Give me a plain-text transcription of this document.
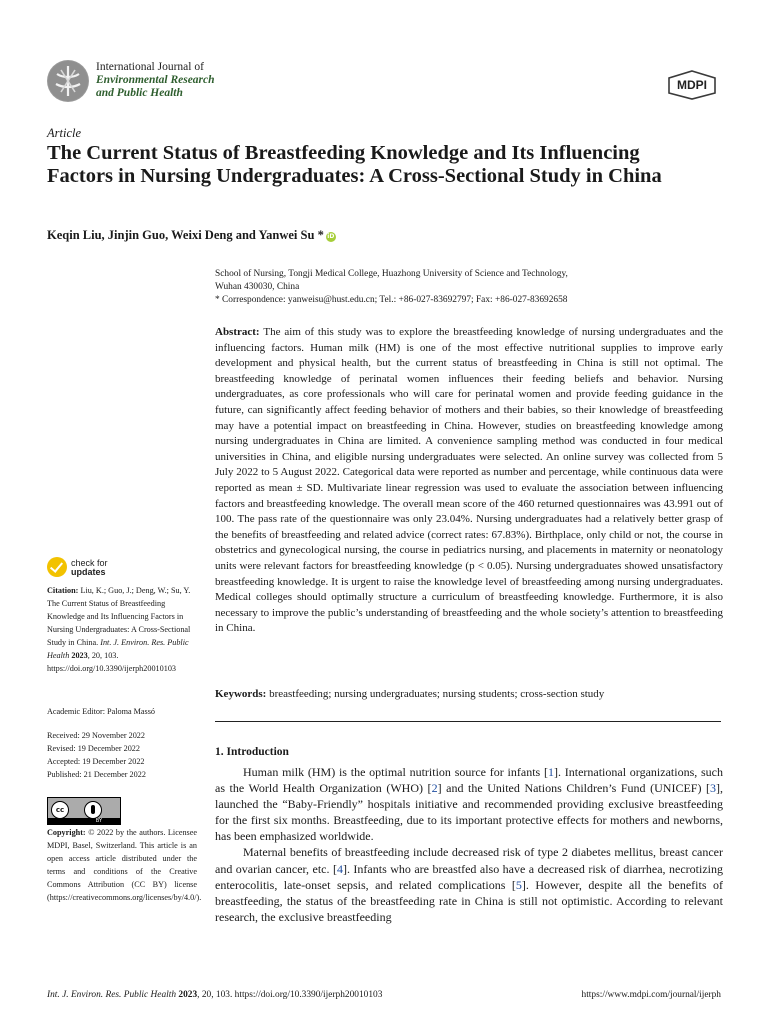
International Journal of
Environmental Research
and Public Health
MDPI
Article
The Current Status of Breastfeeding Knowledge and Its Influencing Factors in Nursing Undergraduates: A Cross-Sectional Study in China
Keqin Liu, Jinjin Guo, Weixi Deng and Yanwei Su * iD
School of Nursing, Tongji Medical College, Huazhong University of Science and Technology,
Wuhan 430030, China
* Correspondence: yanweisu@hust.edu.cn; Tel.: +86-027-83692797; Fax: +86-027-83692658
Abstract: The aim of this study was to explore the breastfeeding knowledge of nursing undergraduates and the influencing factors. Human milk (HM) is one of the most effective nutritional supplies to improve early development and physical health, but the current status of breastfeeding in China is still not optimal. The breastfeeding knowledge of perinatal women influences their feeding beliefs and behavior. Nursing undergraduates, as core professionals who will care for perinatal women and provide feeding guidance in the future, can significantly affect feeding behavior of mothers and their babies, so their knowledge of breastfeeding may have a potential impact on breastfeeding in China. However, studies on breastfeeding knowledge among nursing undergraduates in China are limited. A convenience sampling method was conducted in four medical universities in China, and eligible nursing undergraduates were selected. An online survey was collected from 5 July 2022 to 5 August 2022. Categorical data were reported as number and percentage, while continuous data were reported as mean ± SD. Multivariate linear regression was used to evaluate the association between influencing factors and breastfeeding knowledge. The overall mean score of the 460 returned questionnaires was 43.991 out of 100. The pass rate of the questionnaire was only 23.04%. Nursing undergraduates had a relatively better grasp of the benefits of breastfeeding and related advice (correct rates: 67.83%). Birthplace, only child or not, the course in obstetrics and gynecological nursing, the course in pediatrics nursing, and placements in maternity or neonatology units were relevant factors for breastfeeding knowledge (p < 0.05). Nursing undergraduates showed unsatisfactory breastfeeding knowledge. It is urgent to raise the knowledge level of breastfeeding among nursing undergraduates. Medical colleges should optimally structure a curriculum of breastfeeding knowledge. Furthermore, it is also necessary to improve the public’s understanding of breastfeeding and the whole society’s attention to breastfeeding in China.
Keywords: breastfeeding; nursing undergraduates; nursing students; cross-section study
1. Introduction

Human milk (HM) is the optimal nutrition source for infants [1]. International organizations, such as the World Health Organization (WHO) [2] and the United Nations Children’s Fund (UNICEF) [3], launched the “Baby-Friendly” hospitals initiative and recommended providing exclusive breastfeeding for the first six months. Breastfeeding, due to its important protective effects for mothers and newborns, has been emphasized worldwide.

Maternal benefits of breastfeeding include decreased risk of type 2 diabetes mellitus, breast cancer and ovarian cancer, etc. [4]. Infants who are breastfed also have a decreased risk of diarrhea, necrotizing enterocolitis, late-onset sepsis, and related complications [5]. However, despite all the benefits of breastfeeding, the status of the breastfeeding rate in China is still not optimistic. According to relevant research, the exclusive breastfeeding

check for
updates
Citation: Liu, K.; Guo, J.; Deng, W.; Su, Y. The Current Status of Breastfeeding Knowledge and Its Influencing Factors in Nursing Undergraduates: A Cross-Sectional Study in China. Int. J. Environ. Res. Public Health 2023, 20, 103. https://doi.org/10.3390/ijerph20010103
Academic Editor: Paloma Massó
Received: 29 November 2022
Revised: 19 December 2022
Accepted: 19 December 2022
Published: 21 December 2022
cc
BY
Copyright: © 2022 by the authors. Licensee MDPI, Basel, Switzerland. This article is an open access article distributed under the terms and conditions of the Creative Commons Attribution (CC BY) license (https://creativecommons.org/licenses/by/4.0/).
Int. J. Environ. Res. Public Health 2023, 20, 103. https://doi.org/10.3390/ijerph20010103	https://www.mdpi.com/journal/ijerph
